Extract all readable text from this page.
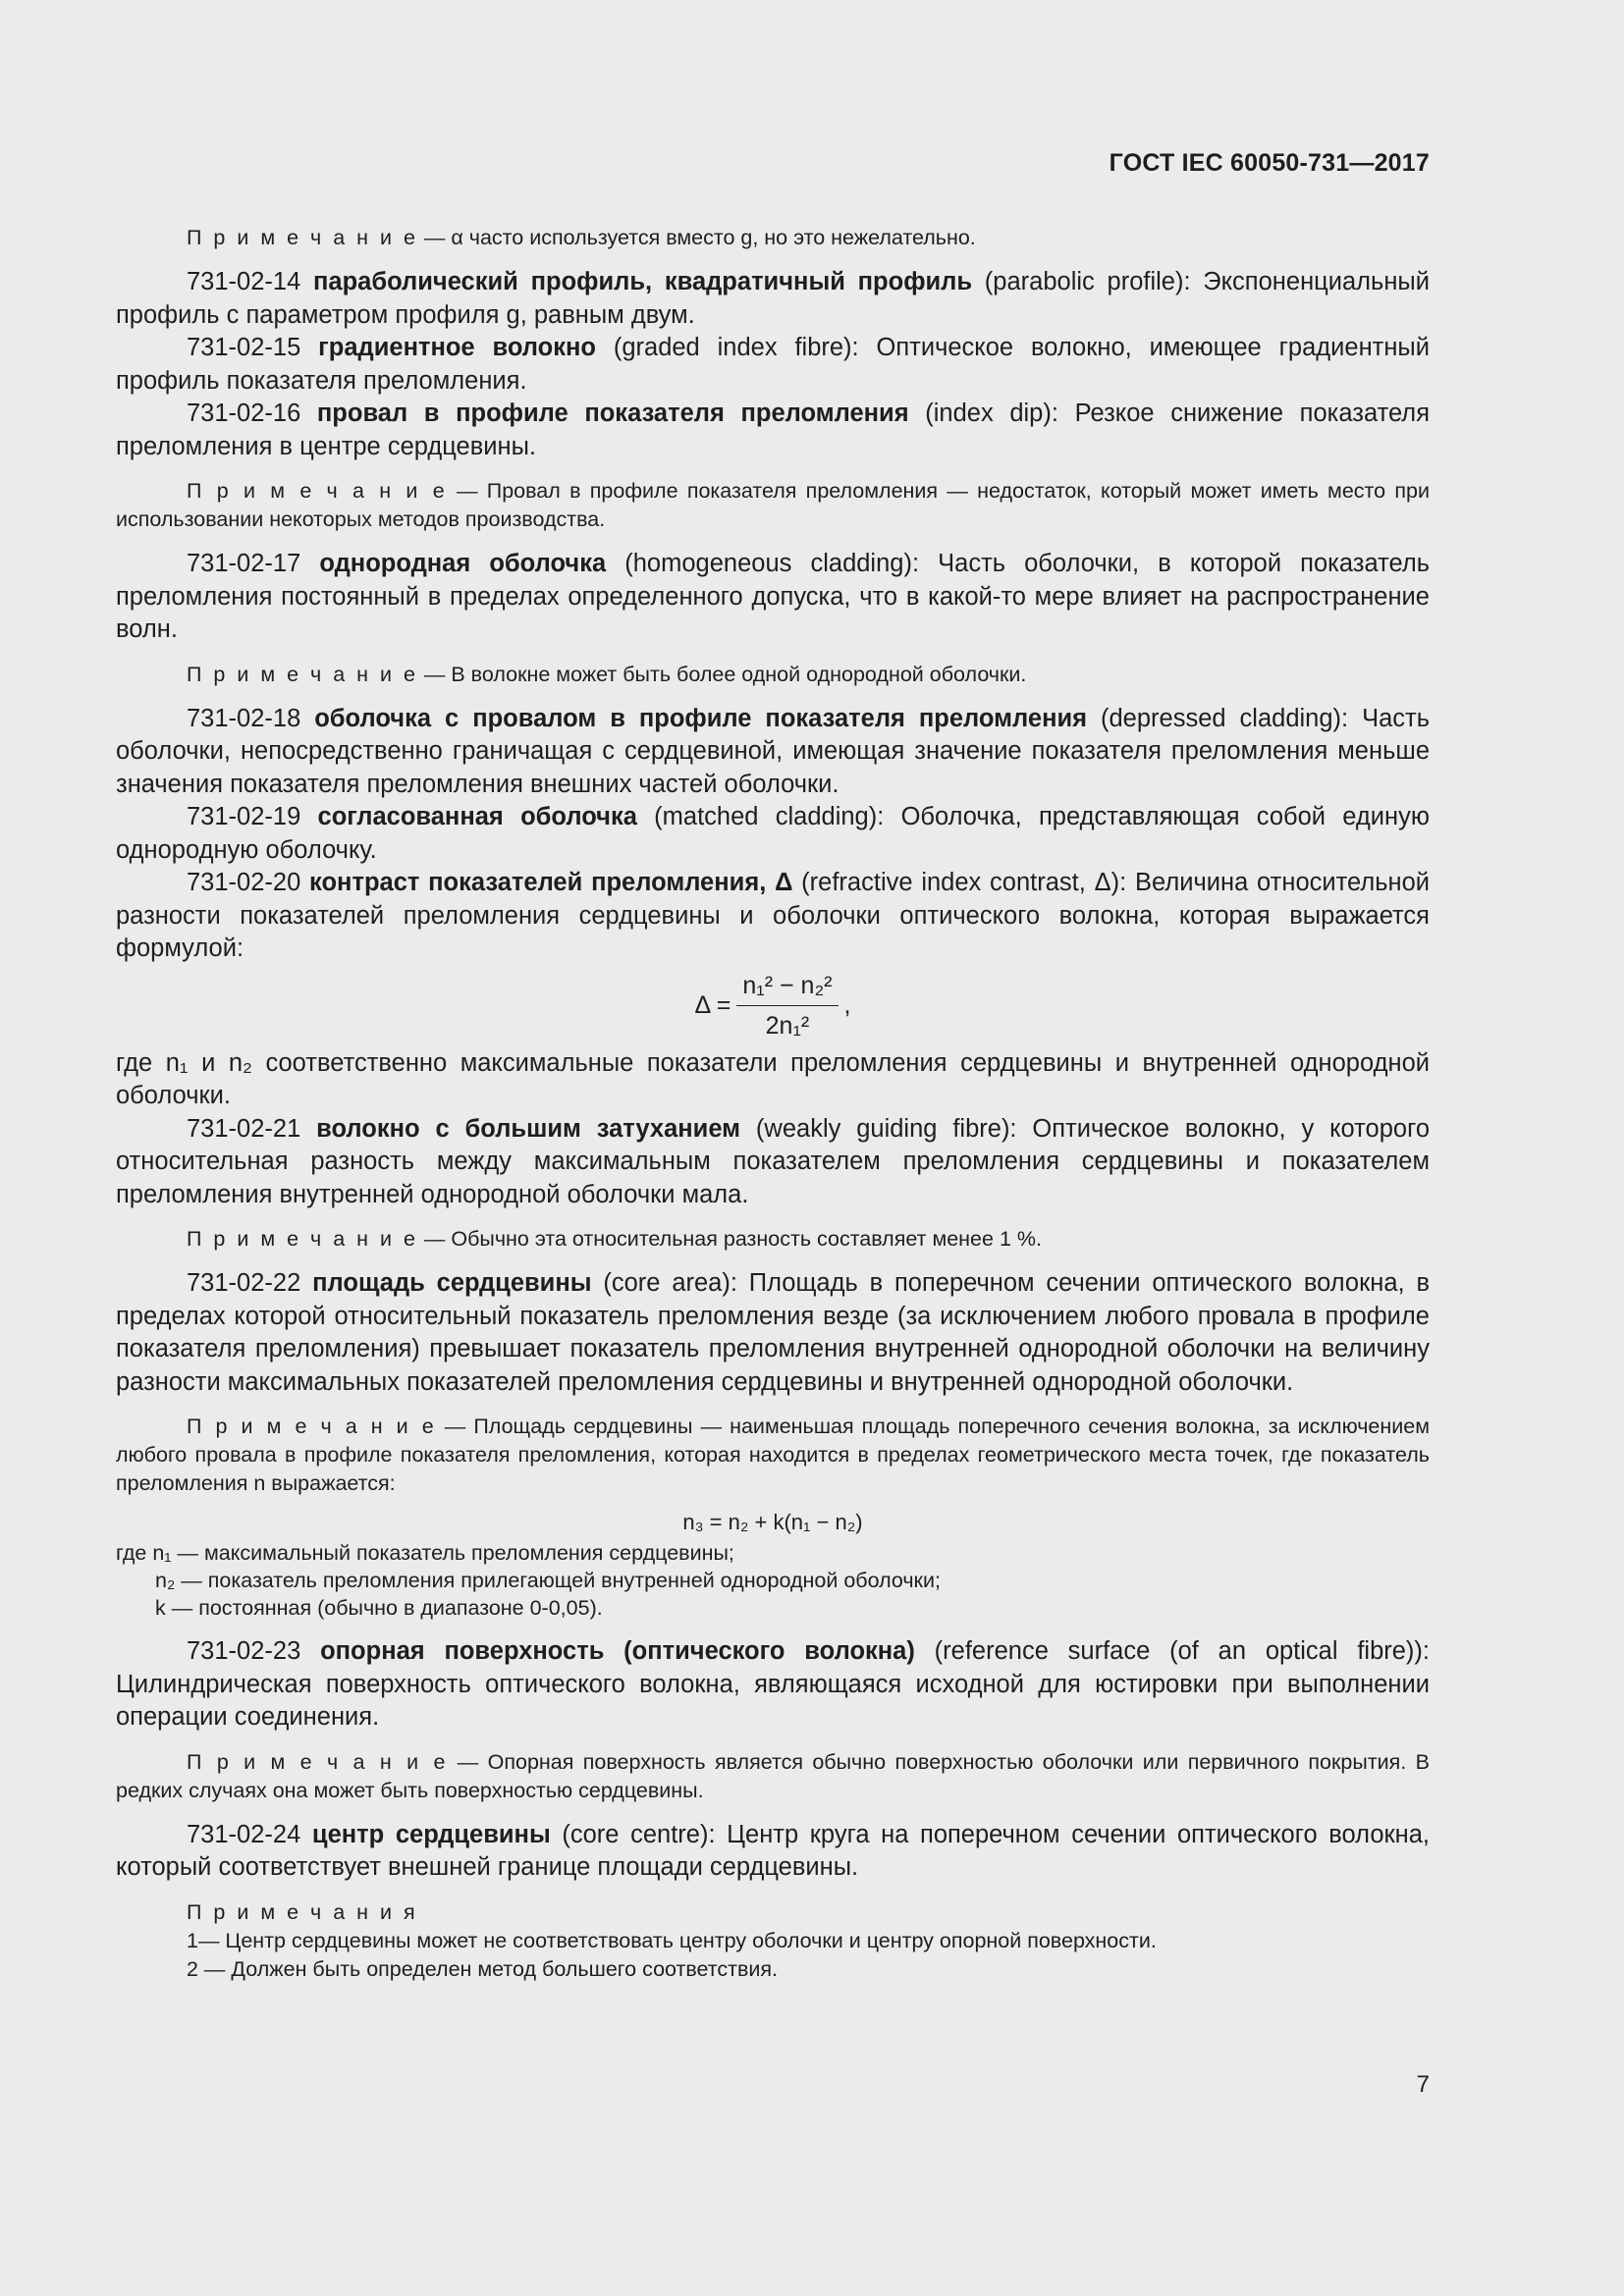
ГОСТ IEC 60050-731—2017

П р и м е ч а н и е — α часто используется вместо g, но это нежелательно.

731-02-14 параболический профиль, квадратичный профиль (parabolic profile): Экспоненциальный профиль с параметром профиля g, равным двум.

731-02-15 градиентное волокно (graded index fibre): Оптическое волокно, имеющее градиентный профиль показателя преломления.

731-02-16 провал в профиле показателя преломления (index dip): Резкое снижение показателя преломления в центре сердцевины.

П р и м е ч а н и е — Провал в профиле показателя преломления — недостаток, который может иметь место при использовании некоторых методов производства.

731-02-17 однородная оболочка (homogeneous cladding): Часть оболочки, в которой показатель преломления постоянный в пределах определенного допуска, что в какой-то мере влияет на распространение волн.

П р и м е ч а н и е — В волокне может быть более одной однородной оболочки.

731-02-18 оболочка с провалом в профиле показателя преломления (depressed cladding): Часть оболочки, непосредственно граничащая с сердцевиной, имеющая значение показателя преломления меньше значения показателя преломления внешних частей оболочки.

731-02-19 согласованная оболочка (matched cladding): Оболочка, представляющая собой единую однородную оболочку.

731-02-20 контраст показателей преломления, Δ (refractive index contrast, Δ): Величина относительной разности показателей преломления сердцевины и оболочки оптического волокна, которая выражается формулой:

$\Delta = \frac{\text{n₁² − n₂²}}{\text{2n₁²}}$ ,

где n₁ и n₂ соответственно максимальные показатели преломления сердцевины и внутренней однородной оболочки.

731-02-21 волокно с большим затуханием (weakly guiding fibre): Оптическое волокно, у которого относительная разность между максимальным показателем преломления сердцевины и показателем преломления внутренней однородной оболочки мала.

П р и м е ч а н и е — Обычно эта относительная разность составляет менее 1 %.

731-02-22 площадь сердцевины (core area): Площадь в поперечном сечении оптического волокна, в пределах которой относительный показатель преломления везде (за исключением любого провала в профиле показателя преломления) превышает показатель преломления внутренней однородной оболочки на величину разности максимальных показателей преломления сердцевины и внутренней однородной оболочки.

П р и м е ч а н и е — Площадь сердцевины — наименьшая площадь поперечного сечения волокна, за исключением любого провала в профиле показателя преломления, которая находится в пределах геометрического места точек, где показатель преломления n выражается:

n₃ = n₂ + k(n₁ − n₂)

где n₁ — максимальный показатель преломления сердцевины;

n₂ — показатель преломления прилегающей внутренней однородной оболочки;

k — постоянная (обычно в диапазоне 0-0,05).

731-02-23 опорная поверхность (оптического волокна) (reference surface (of an optical fibre)): Цилиндрическая поверхность оптического волокна, являющаяся исходной для юстировки при выполнении операции соединения.

П р и м е ч а н и е — Опорная поверхность является обычно поверхностью оболочки или первичного покрытия. В редких случаях она может быть поверхностью сердцевины.

731-02-24 центр сердцевины (core centre): Центр круга на поперечном сечении оптического волокна, который соответствует внешней границе площади сердцевины.

П р и м е ч а н и я

1— Центр сердцевины может не соответствовать центру оболочки и центру опорной поверхности.

2 — Должен быть определен метод большего соответствия.

7
